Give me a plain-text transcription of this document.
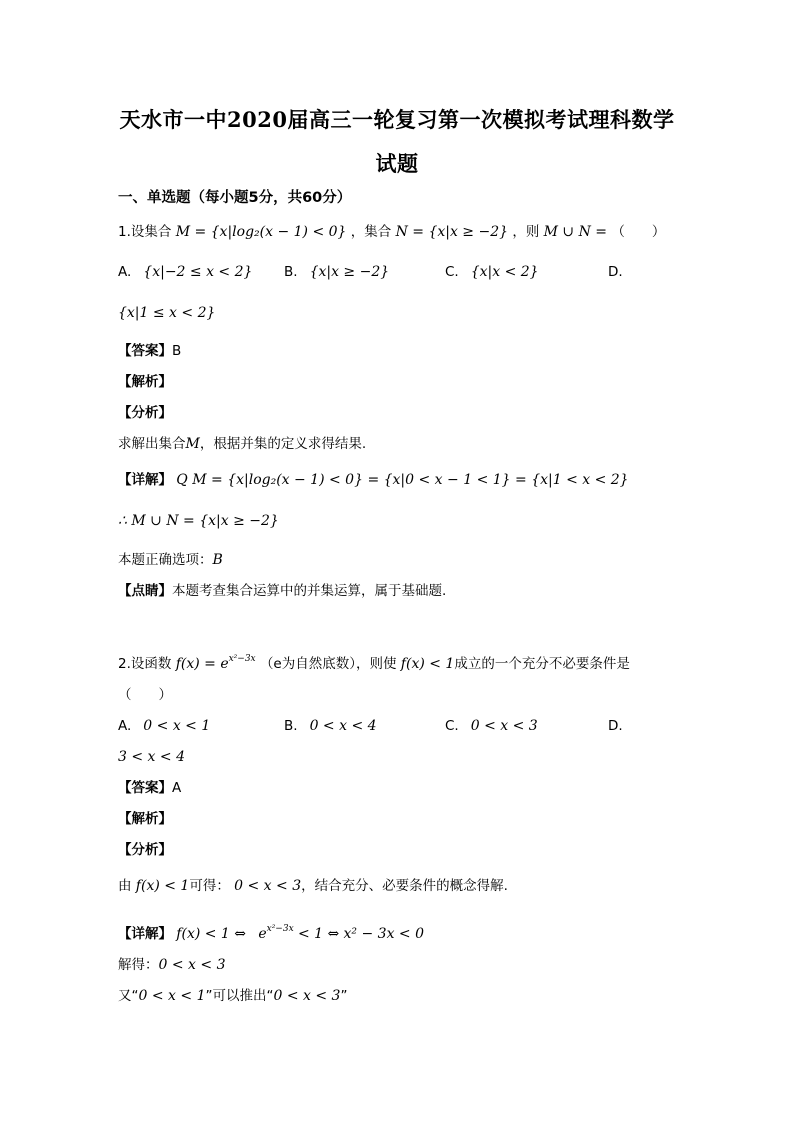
天水市一中2020届高三一轮复习第一次模拟考试理科数学
试题
一、单选题（每小题5分，共60分）
1.设集合 M = {x|log₂(x − 1) < 0} ，集合 N = {x|x ≥ −2} ，则 M ∪ N = （　　）
A. {x|−2 ≤ x < 2} B. {x|x ≥ −2}	C. {x|x < 2}	D.
{x|1 ≤ x < 2}
【答案】B
【解析】
【分析】
求解出集合M，根据并集的定义求得结果.
【详解】 Q M = {x|log₂(x − 1) < 0} = {x|0 < x − 1 < 1} = {x|1 < x < 2}
∴ M ∪ N = {x|x ≥ −2}
本题正确选项：B
【点睛】本题考查集合运算中的并集运算，属于基础题.
2.设函数 $f(x) = e^{x^2-3x}$ （e为自然底数），则使 f(x) < 1成立的一个充分不必要条件是
（　　）
A. 0 < x < 1	B. 0 < x < 4	C. 0 < x < 3	D.
3 < x < 4
【答案】A
【解析】
【分析】
由 f(x) < 1可得： 0 < x < 3，结合充分、必要条件的概念得解.
【详解】 f(x) < 1 ⇔ $e^{x^2-3x} < 1$ ⇔ x² − 3x < 0
解得：0 < x < 3
又“0 < x < 1”可以推出“0 < x < 3”
